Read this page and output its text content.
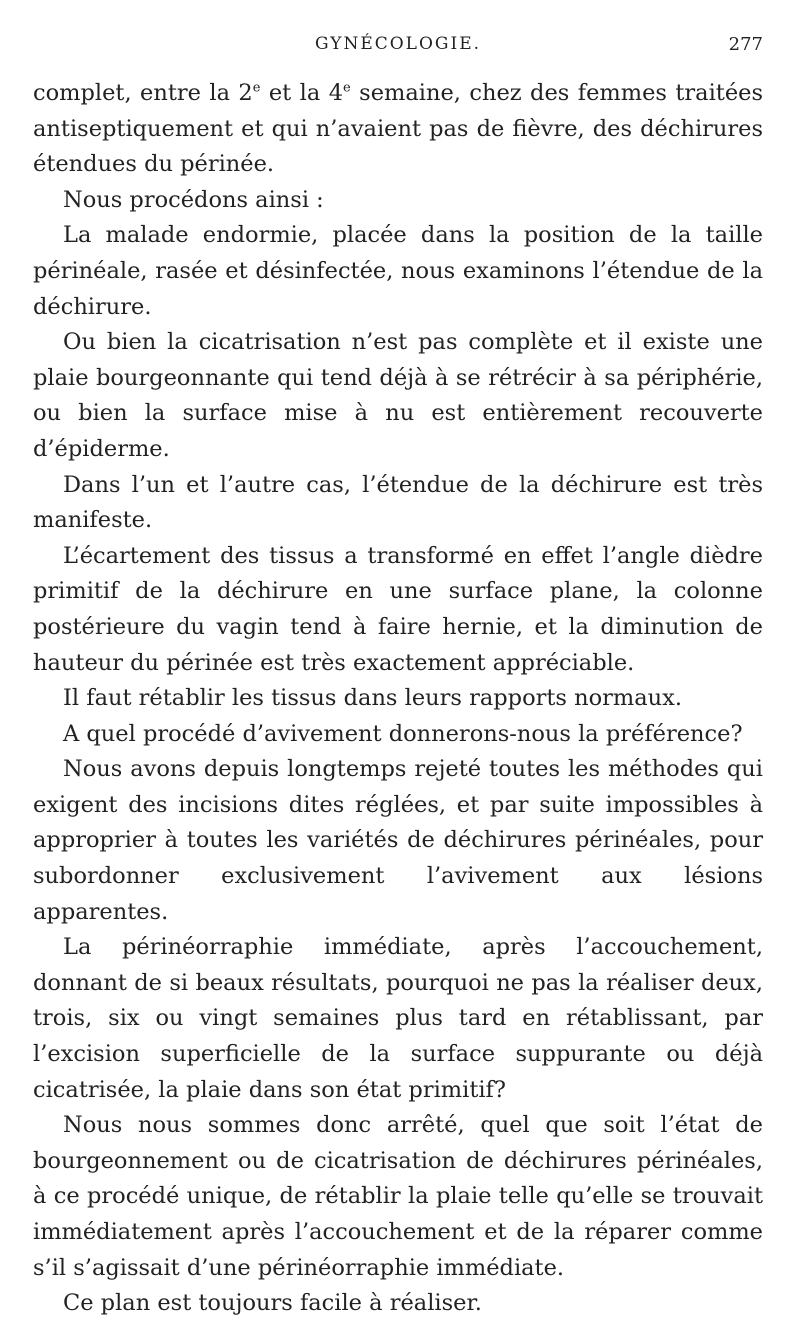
GYNÉCOLOGIE.	277

complet, entre la 2e et la 4e semaine, chez des femmes traitées antiseptiquement et qui n’avaient pas de fièvre, des déchirures étendues du périnée.

Nous procédons ainsi :

La malade endormie, placée dans la position de la taille périnéale, rasée et désinfectée, nous examinons l’étendue de la déchirure.

Ou bien la cicatrisation n’est pas complète et il existe une plaie bourgeonnante qui tend déjà à se rétrécir à sa périphérie, ou bien la surface mise à nu est entièrement recouverte d’épiderme.

Dans l’un et l’autre cas, l’étendue de la déchirure est très manifeste.

L’écartement des tissus a transformé en effet l’angle dièdre primitif de la déchirure en une surface plane, la colonne postérieure du vagin tend à faire hernie, et la diminution de hauteur du périnée est très exactement appréciable.

Il faut rétablir les tissus dans leurs rapports normaux.

A quel procédé d’avivement donnerons-nous la préférence?

Nous avons depuis longtemps rejeté toutes les méthodes qui exigent des incisions dites réglées, et par suite impossibles à approprier à toutes les variétés de déchirures périnéales, pour subordonner exclusivement l’avivement aux lésions apparentes.

La périnéorraphie immédiate, après l’accouchement, donnant de si beaux résultats, pourquoi ne pas la réaliser deux, trois, six ou vingt semaines plus tard en rétablissant, par l’excision superficielle de la surface suppurante ou déjà cicatrisée, la plaie dans son état primitif?

Nous nous sommes donc arrêté, quel que soit l’état de bourgeonnement ou de cicatrisation de déchirures périnéales, à ce procédé unique, de rétablir la plaie telle qu’elle se trouvait immédiatement après l’accouchement et de la réparer comme s’il s’agissait d’une périnéorraphie immédiate.

Ce plan est toujours facile à réaliser.
